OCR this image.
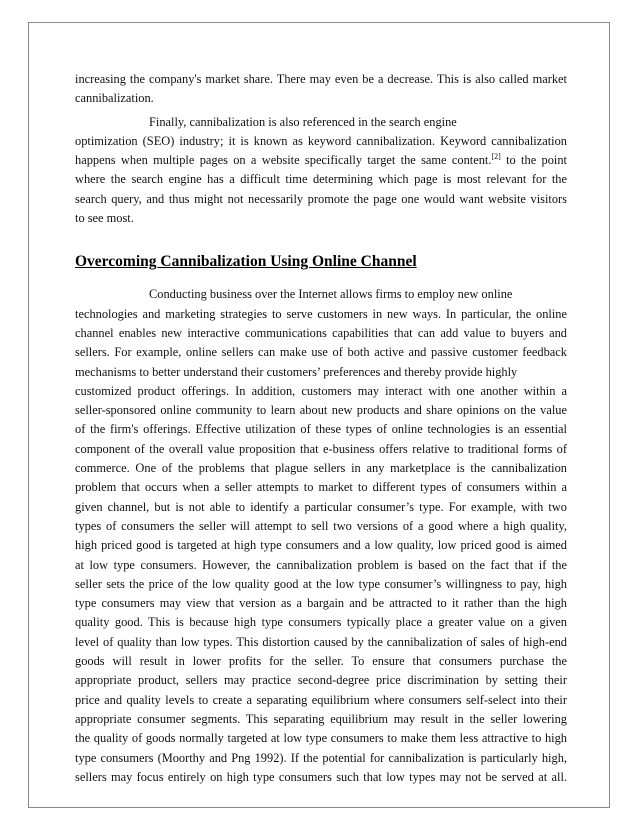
increasing the company's market share. There may even be a decrease. This is also called market
cannibalization.
Finally, cannibalization is also referenced in the search engine
optimization (SEO) industry; it is known as keyword cannibalization. Keyword cannibalization
happens when multiple pages on a website specifically target the same content.[2] to the point
where the search engine has a difficult time determining which page is most relevant for the
search query, and thus might not necessarily promote the page one would want website visitors
to see most.
Overcoming Cannibalization Using Online Channel
Conducting business over the Internet allows firms to employ new online
technologies and marketing strategies to serve customers in new ways. In particular, the online
channel enables new interactive communications capabilities that can add value to buyers and
sellers. For example, online sellers can make use of both active and passive customer feedback
mechanisms to better understand their customers’ preferences and thereby provide highly
customized product offerings. In addition, customers may interact with one another within a
seller-sponsored online community to learn about new products and share opinions on the value
of the firm's offerings. Effective utilization of these types of online technologies is an essential
component of the overall value proposition that e-business offers relative to traditional forms of
commerce. One of the problems that plague sellers in any marketplace is the cannibalization
problem that occurs when a seller attempts to market to different types of consumers within a
given channel, but is not able to identify a particular consumer’s type. For example, with two
types of consumers the seller will attempt to sell two versions of a good where a high quality,
high priced good is targeted at high type consumers and a low quality, low priced good is aimed
at low type consumers. However, the cannibalization problem is based on the fact that if the
seller sets the price of the low quality good at the low type consumer’s willingness to pay, high
type consumers may view that version as a bargain and be attracted to it rather than the high
quality good. This is because high type consumers typically place a greater value on a given
level of quality than low types. This distortion caused by the cannibalization of sales of high-end
goods will result in lower profits for the seller. To ensure that consumers purchase the
appropriate product, sellers may practice second-degree price discrimination by setting their
price and quality levels to create a separating equilibrium where consumers self-select into their
appropriate consumer segments. This separating equilibrium may result in the seller lowering
the quality of goods normally targeted at low type consumers to make them less attractive to high
type consumers (Moorthy and Png 1992). If the potential for cannibalization is particularly high,
sellers may focus entirely on high type consumers such that low types may not be served at all.
